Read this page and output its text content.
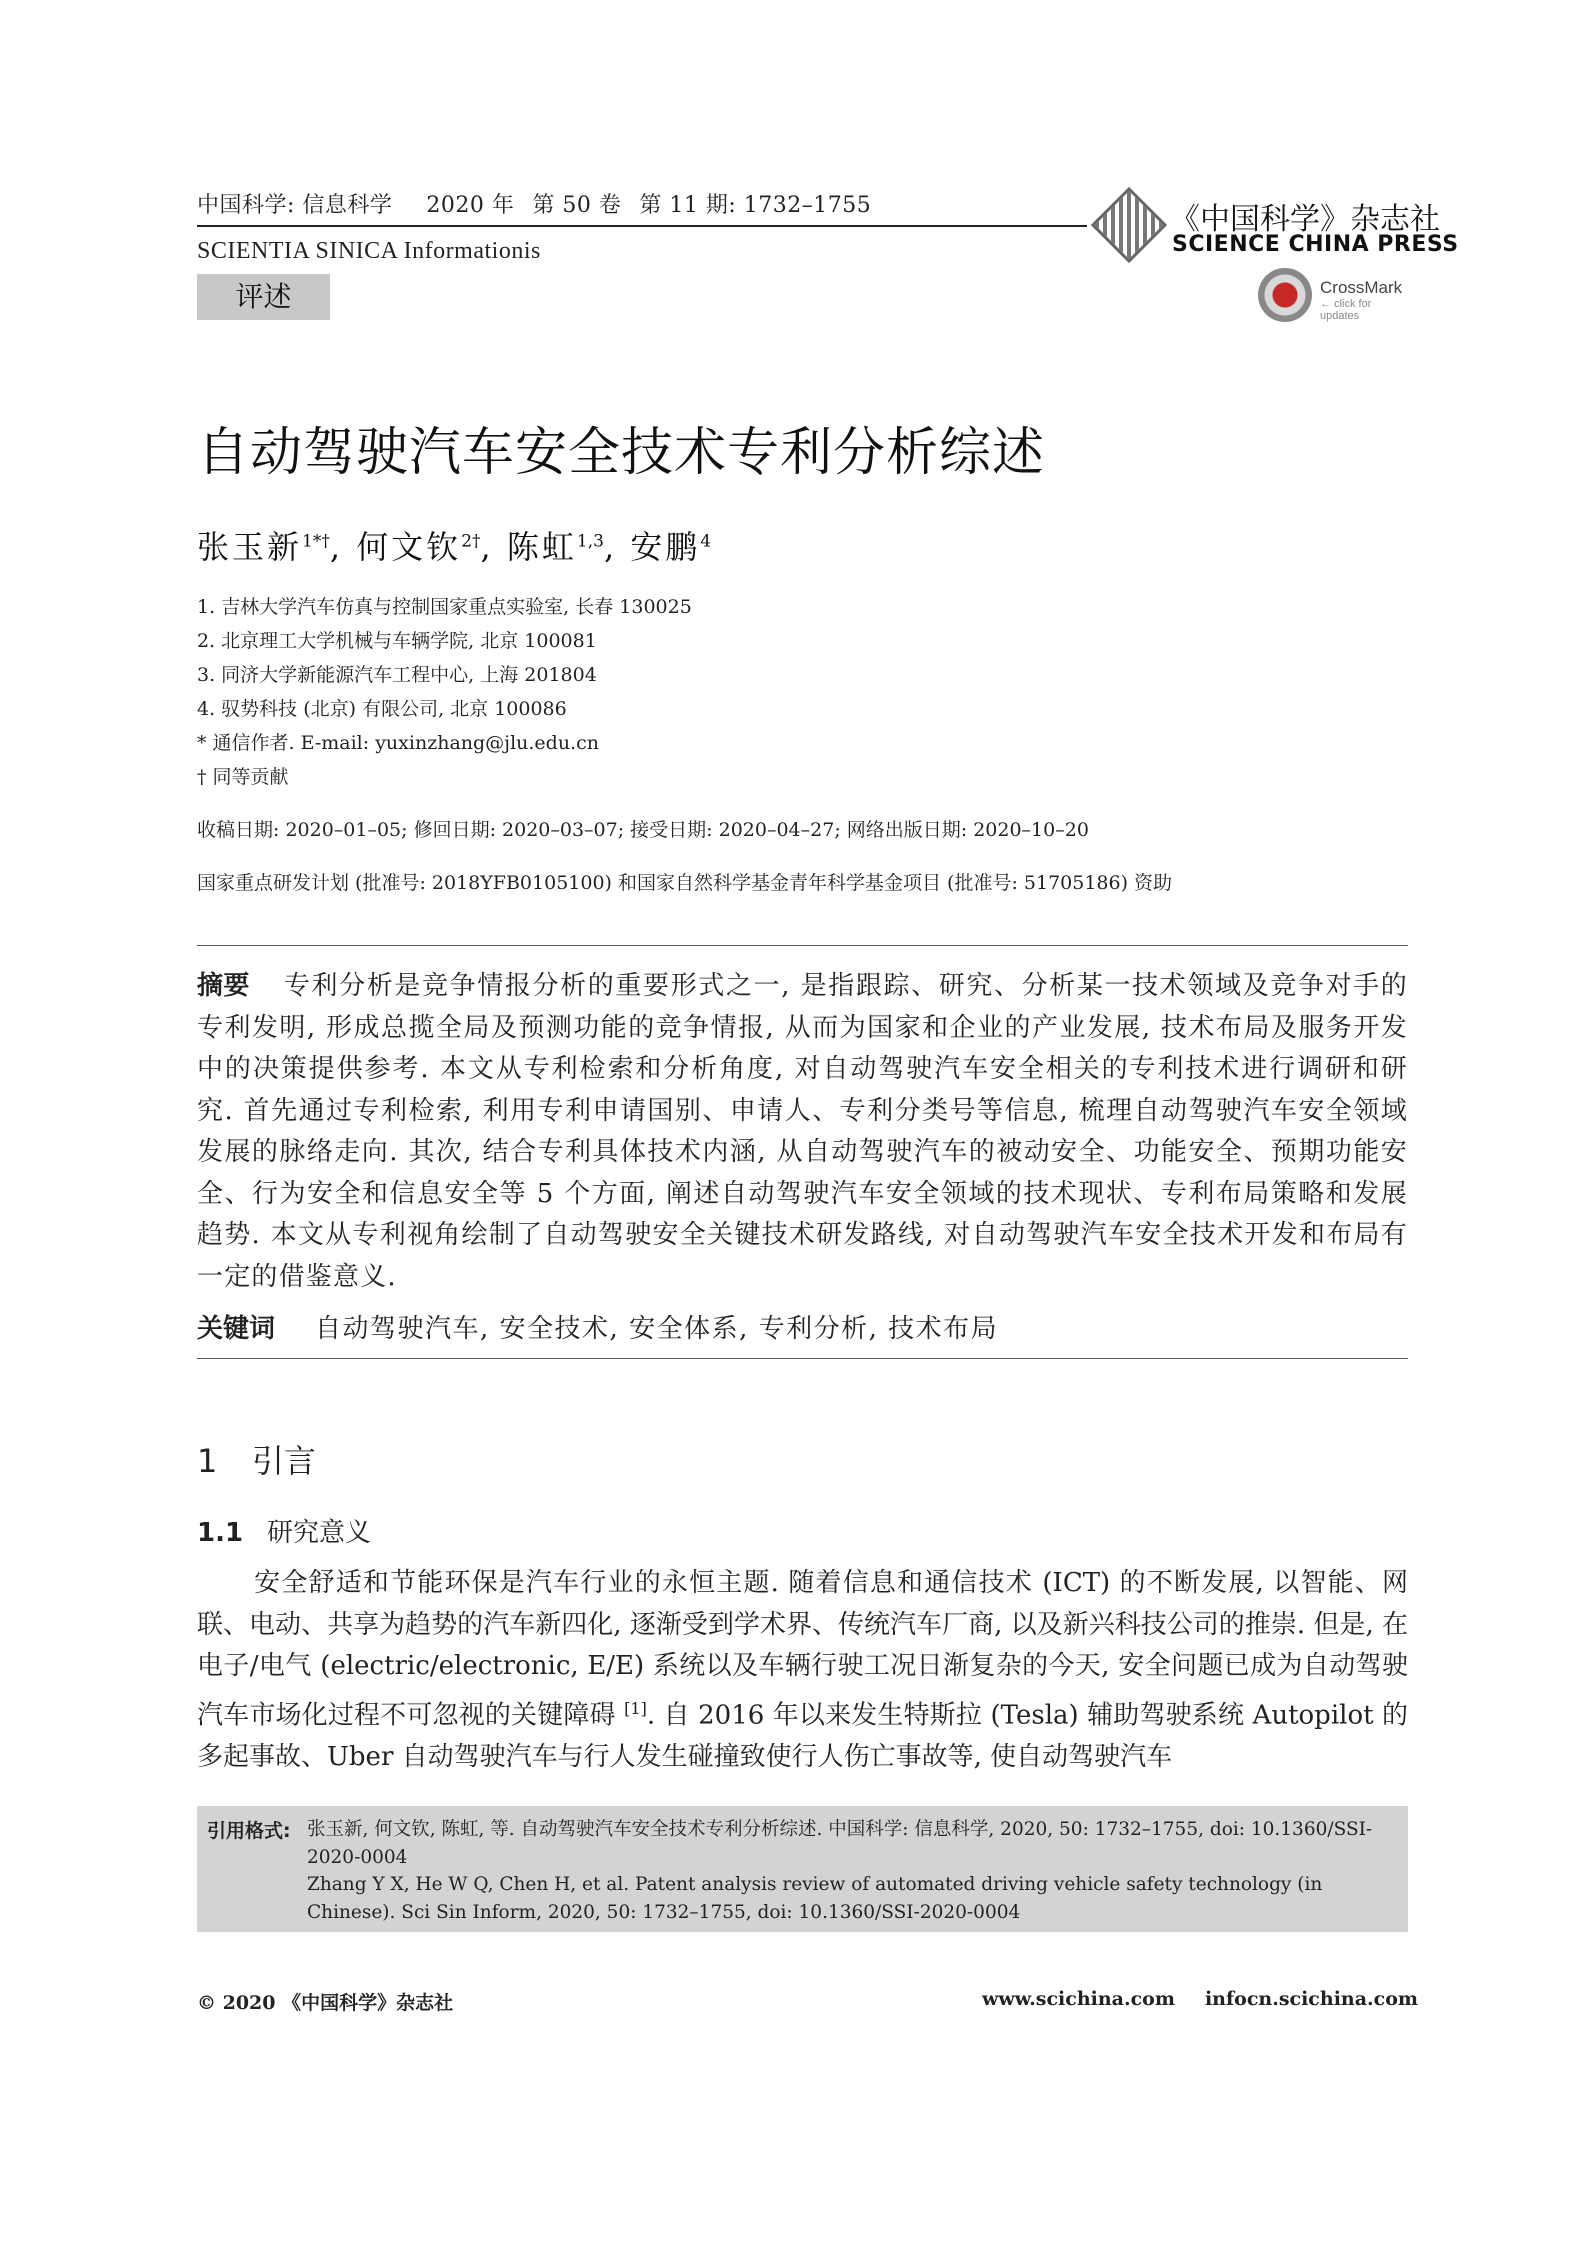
中国科学: 信息科学 2020 年 第 50 卷 第 11 期: 1732–1755
SCIENTIA SINICA Informationis
评述
《中国科学》杂志社
SCIENCE CHINA PRESS
CrossMark
← click for updates
自动驾驶汽车安全技术专利分析综述
张玉新$^{1*\dagger}$, 何文钦$^{2\dagger}$, 陈虹$^{1,3}$, 安鹏$^4$
1. 吉林大学汽车仿真与控制国家重点实验室, 长春 130025
2. 北京理工大学机械与车辆学院, 北京 100081
3. 同济大学新能源汽车工程中心, 上海 201804
4. 驭势科技 (北京) 有限公司, 北京 100086
* 通信作者. E-mail: yuxinzhang@jlu.edu.cn
† 同等贡献
收稿日期: 2020–01–05; 修回日期: 2020–03–07; 接受日期: 2020–04–27; 网络出版日期: 2020–10–20
国家重点研发计划 (批准号: 2018YFB0105100) 和国家自然科学基金青年科学基金项目 (批准号: 51705186) 资助
摘要 专利分析是竞争情报分析的重要形式之一, 是指跟踪、研究、分析某一技术领域及竞争对手的专利发明, 形成总揽全局及预测功能的竞争情报, 从而为国家和企业的产业发展, 技术布局及服务开发中的决策提供参考. 本文从专利检索和分析角度, 对自动驾驶汽车安全相关的专利技术进行调研和研究. 首先通过专利检索, 利用专利申请国别、申请人、专利分类号等信息, 梳理自动驾驶汽车安全领域发展的脉络走向. 其次, 结合专利具体技术内涵, 从自动驾驶汽车的被动安全、功能安全、预期功能安全、行为安全和信息安全等 5 个方面, 阐述自动驾驶汽车安全领域的技术现状、专利布局策略和发展趋势. 本文从专利视角绘制了自动驾驶安全关键技术研发路线, 对自动驾驶汽车安全技术开发和布局有一定的借鉴意义.
关键词 自动驾驶汽车, 安全技术, 安全体系, 专利分析, 技术布局
1 引言
1.1 研究意义
安全舒适和节能环保是汽车行业的永恒主题. 随着信息和通信技术 (ICT) 的不断发展, 以智能、网联、电动、共享为趋势的汽车新四化, 逐渐受到学术界、传统汽车厂商, 以及新兴科技公司的推崇. 但是, 在电子/电气 (electric/electronic, E/E) 系统以及车辆行驶工况日渐复杂的今天, 安全问题已成为自动驾驶汽车市场化过程不可忽视的关键障碍 [1]. 自 2016 年以来发生特斯拉 (Tesla) 辅助驾驶系统 Autopilot 的多起事故、Uber 自动驾驶汽车与行人发生碰撞致使行人伤亡事故等, 使自动驾驶汽车
引用格式: 张玉新, 何文钦, 陈虹, 等. 自动驾驶汽车安全技术专利分析综述. 中国科学: 信息科学, 2020, 50: 1732–1755, doi: 10.1360/SSI-2020-0004
Zhang Y X, He W Q, Chen H, et al. Patent analysis review of automated driving vehicle safety technology (in Chinese). Sci Sin Inform, 2020, 50: 1732–1755, doi: 10.1360/SSI-2020-0004
© 2020 《中国科学》杂志社	www.scichina.com infocn.scichina.com
